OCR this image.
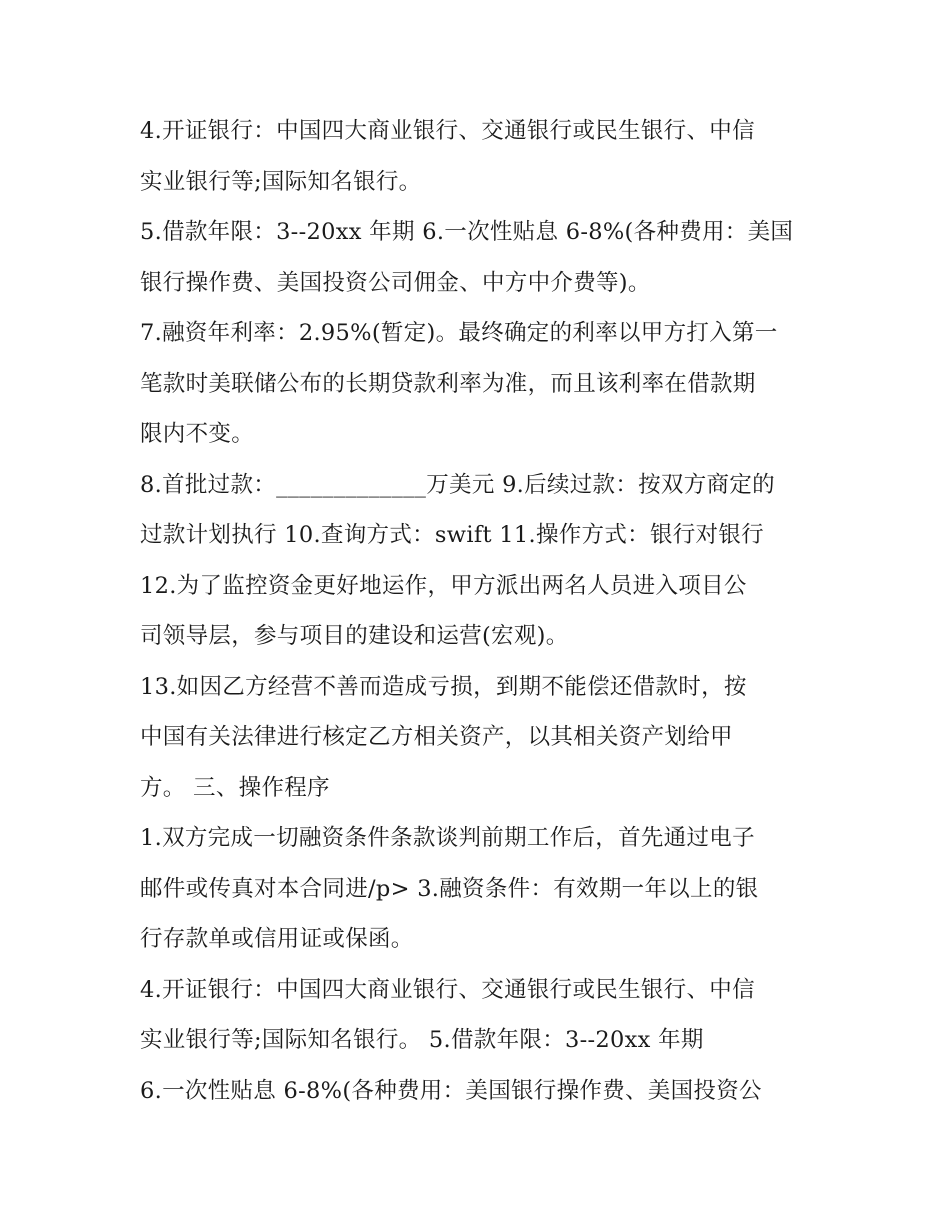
4.开证银行：中国四大商业银行、交通银行或民生银行、中信
实业银行等;国际知名银行。
5.借款年限：3--20xx 年期 6.一次性贴息 6-8%(各种费用：美国
银行操作费、美国投资公司佣金、中方中介费等)。
7.融资年利率：2.95%(暂定)。最终确定的利率以甲方打入第一
笔款时美联储公布的长期贷款利率为准，而且该利率在借款期
限内不变。
8.首批过款：_____________万美元 9.后续过款：按双方商定的
过款计划执行 10.查询方式：swift 11.操作方式：银行对银行
12.为了监控资金更好地运作，甲方派出两名人员进入项目公
司领导层，参与项目的建设和运营(宏观)。
13.如因乙方经营不善而造成亏损，到期不能偿还借款时，按
中国有关法律进行核定乙方相关资产，以其相关资产划给甲
方。 三、操作程序
1.双方完成一切融资条件条款谈判前期工作后，首先通过电子
邮件或传真对本合同进/p> 3.融资条件：有效期一年以上的银
行存款单或信用证或保函。
4.开证银行：中国四大商业银行、交通银行或民生银行、中信
实业银行等;国际知名银行。 5.借款年限：3--20xx 年期
6.一次性贴息 6-8%(各种费用：美国银行操作费、美国投资公
